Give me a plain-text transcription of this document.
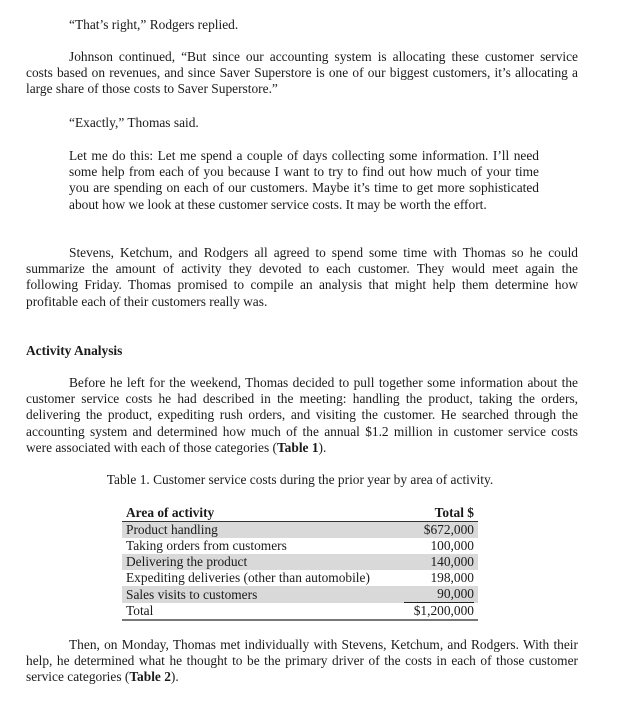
“That’s right,” Rodgers replied.

Johnson continued, “But since our accounting system is allocating these customer service costs based on revenues, and since Saver Superstore is one of our biggest customers, it’s allocating a large share of those costs to Saver Superstore.”

“Exactly,” Thomas said.

Let me do this: Let me spend a couple of days collecting some information. I’ll need some help from each of you because I want to try to find out how much of your time you are spending on each of our customers. Maybe it’s time to get more sophisticated about how we look at these customer service costs. It may be worth the effort.

Stevens, Ketchum, and Rodgers all agreed to spend some time with Thomas so he could summarize the amount of activity they devoted to each customer. They would meet again the following Friday. Thomas promised to compile an analysis that might help them determine how profitable each of their customers really was.

Activity Analysis

Before he left for the weekend, Thomas decided to pull together some information about the customer service costs he had described in the meeting: handling the product, taking the orders, delivering the product, expediting rush orders, and visiting the customer. He searched through the accounting system and determined how much of the annual $1.2 million in customer service costs were associated with each of those categories (Table 1).

Table 1. Customer service costs during the prior year by area of activity.

Area of activity	Total $
Product handling	$672,000
Taking orders from customers	100,000
Delivering the product	140,000
Expediting deliveries (other than automobile)	198,000
Sales visits to customers	90,000
Total	$1,200,000

Then, on Monday, Thomas met individually with Stevens, Ketchum, and Rodgers. With their help, he determined what he thought to be the primary driver of the costs in each of those customer service categories (Table 2).
